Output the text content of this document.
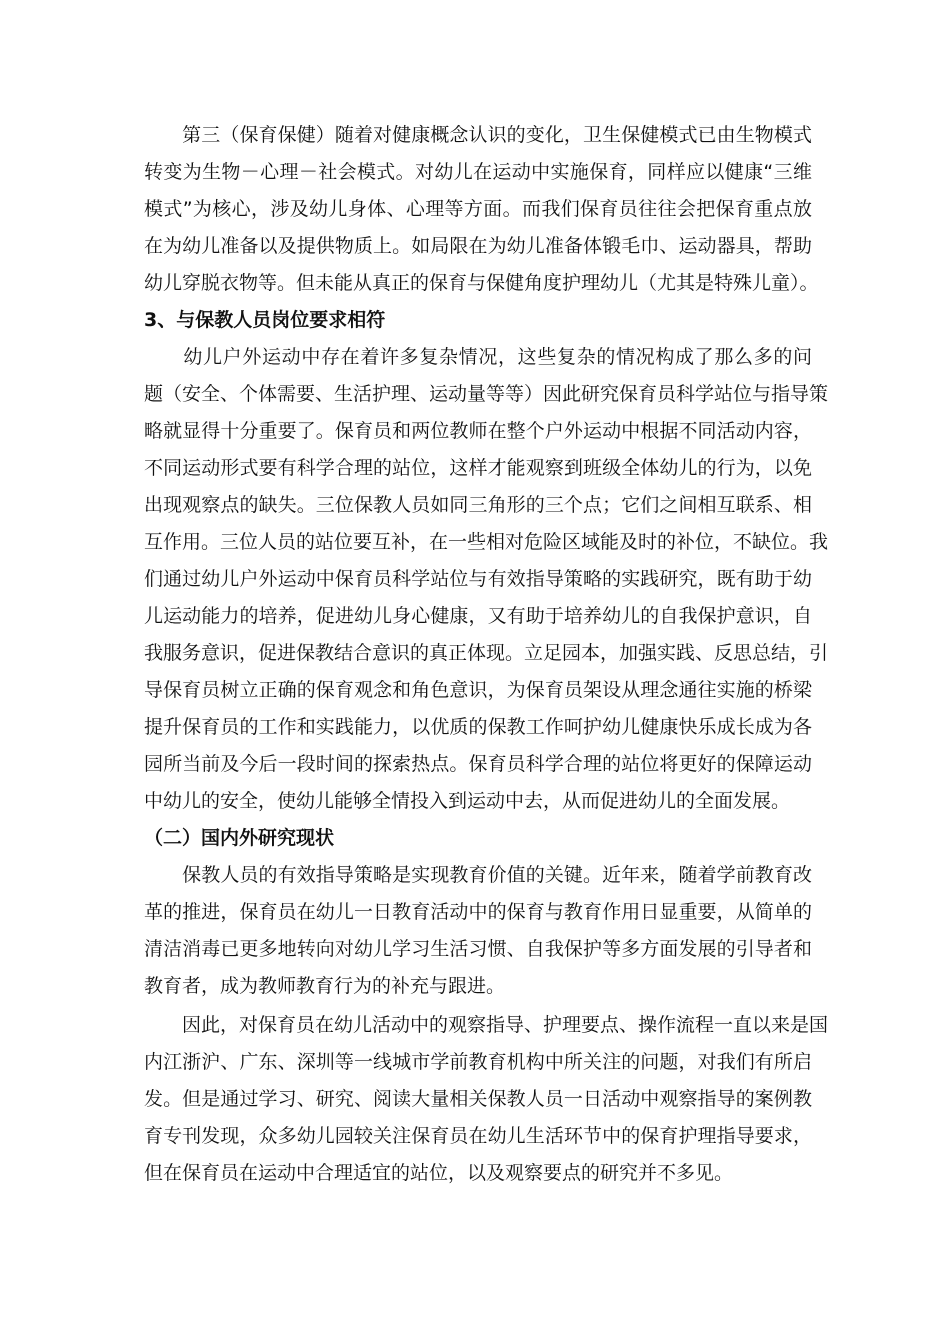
　　第三（保育保健）随着对健康概念认识的变化，卫生保健模式已由生物模式
转变为生物－心理－社会模式。对幼儿在运动中实施保育，同样应以健康“三维
模式”为核心，涉及幼儿身体、心理等方面。而我们保育员往往会把保育重点放
在为幼儿准备以及提供物质上。如局限在为幼儿准备体锻毛巾、运动器具，帮助
幼儿穿脱衣物等。但未能从真正的保育与保健角度护理幼儿（尤其是特殊儿童）。
3、与保教人员岗位要求相符
　　幼儿户外运动中存在着许多复杂情况，这些复杂的情况构成了那么多的问
题（安全、个体需要、生活护理、运动量等等）因此研究保育员科学站位与指导策
略就显得十分重要了。保育员和两位教师在整个户外运动中根据不同活动内容，
不同运动形式要有科学合理的站位，这样才能观察到班级全体幼儿的行为，以免
出现观察点的缺失。三位保教人员如同三角形的三个点；它们之间相互联系、相
互作用。三位人员的站位要互补，在一些相对危险区域能及时的补位，不缺位。我
们通过幼儿户外运动中保育员科学站位与有效指导策略的实践研究，既有助于幼
儿运动能力的培养，促进幼儿身心健康，又有助于培养幼儿的自我保护意识，自
我服务意识，促进保教结合意识的真正体现。立足园本，加强实践、反思总结，引
导保育员树立正确的保育观念和角色意识，为保育员架设从理念通往实施的桥梁
提升保育员的工作和实践能力，以优质的保教工作呵护幼儿健康快乐成长成为各
园所当前及今后一段时间的探索热点。保育员科学合理的站位将更好的保障运动
中幼儿的安全，使幼儿能够全情投入到运动中去，从而促进幼儿的全面发展。
（二）国内外研究现状
　　保教人员的有效指导策略是实现教育价值的关键。近年来，随着学前教育改
革的推进，保育员在幼儿一日教育活动中的保育与教育作用日显重要，从简单的
清洁消毒已更多地转向对幼儿学习生活习惯、自我保护等多方面发展的引导者和
教育者，成为教师教育行为的补充与跟进。
　　因此，对保育员在幼儿活动中的观察指导、护理要点、操作流程一直以来是国
内江浙沪、广东、深圳等一线城市学前教育机构中所关注的问题，对我们有所启
发。但是通过学习、研究、阅读大量相关保教人员一日活动中观察指导的案例教
育专刊发现，众多幼儿园较关注保育员在幼儿生活环节中的保育护理指导要求，
但在保育员在运动中合理适宜的站位，以及观察要点的研究并不多见。
